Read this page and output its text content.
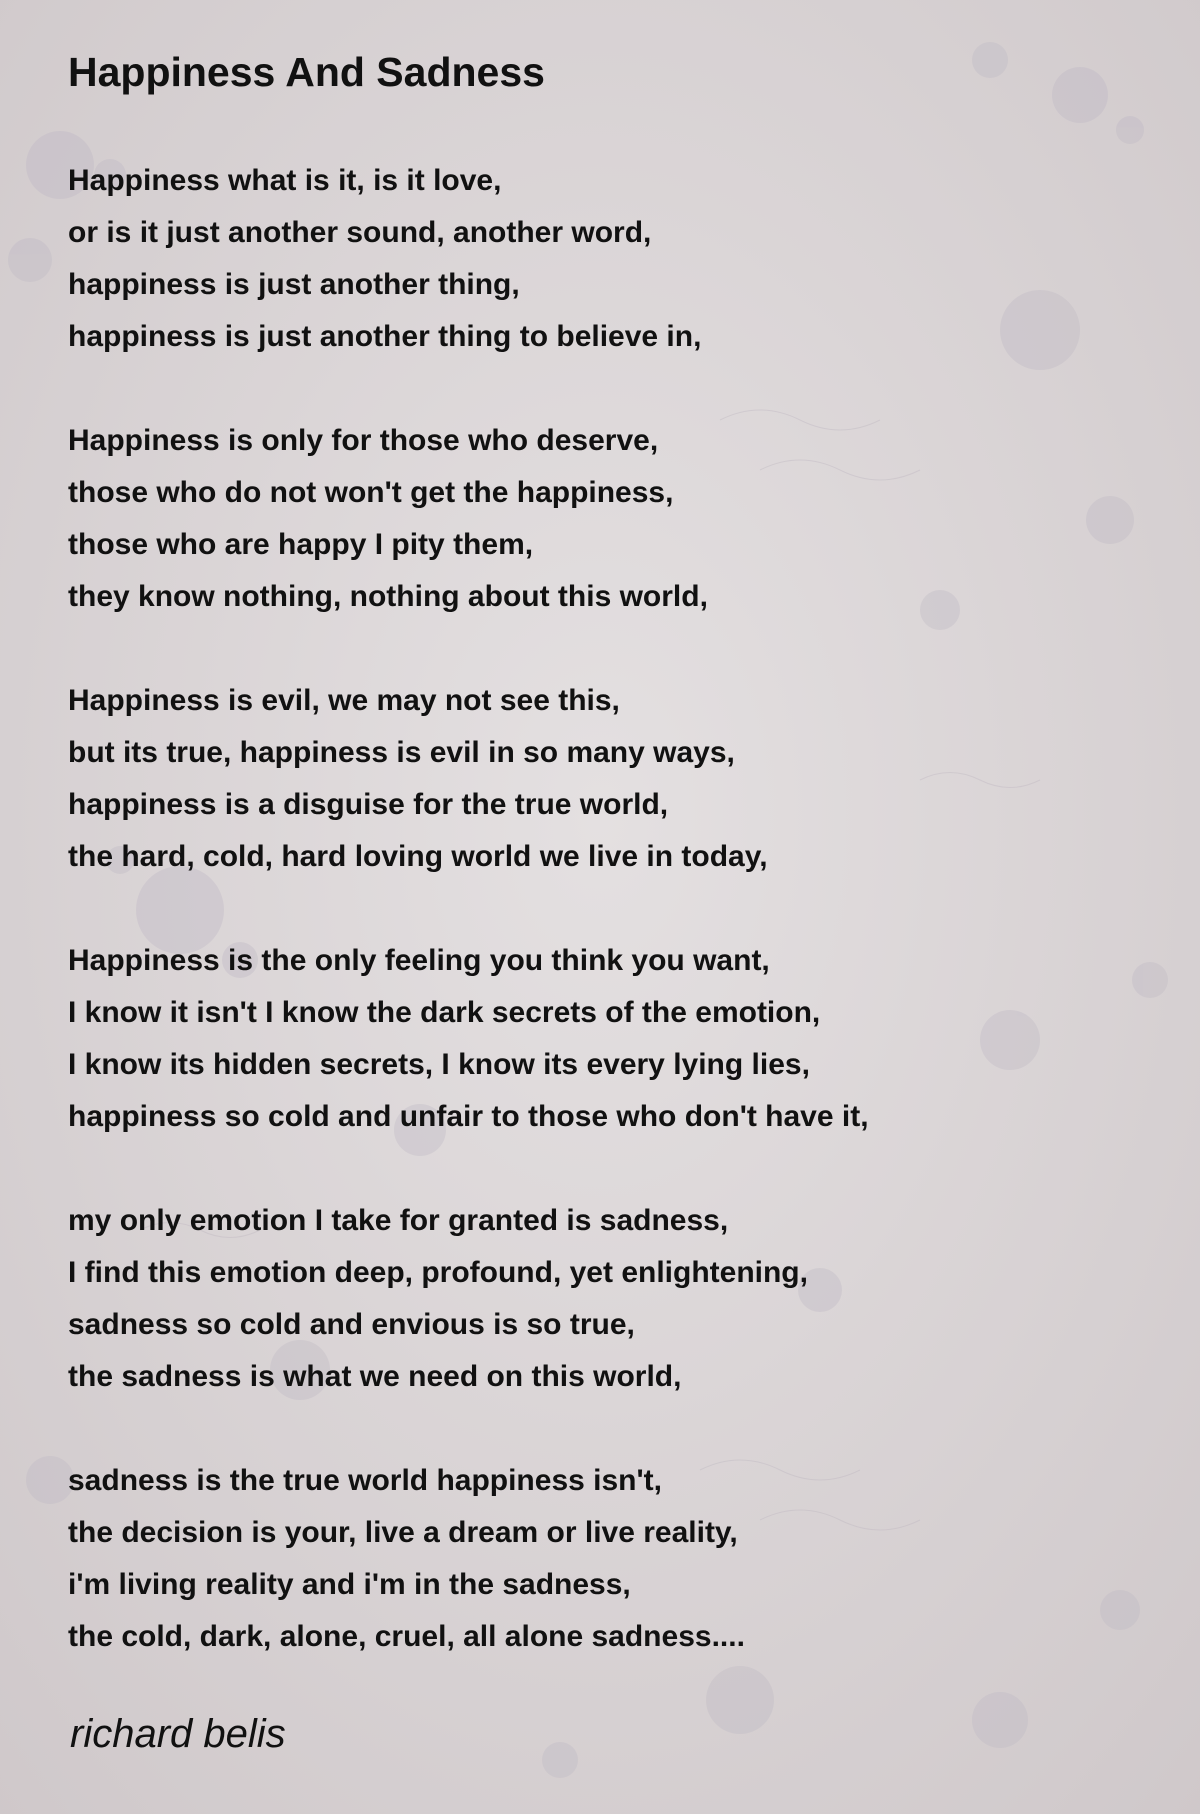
Happiness And Sadness
Happiness what is it, is it love,
or is it just another sound, another word,
happiness is just another thing,
happiness is just another thing to believe in,
Happiness is only for those who deserve,
those who do not won't get the happiness,
those who are happy I pity them,
they know nothing, nothing about this world,
Happiness is evil, we may not see this,
but its true, happiness is evil in so many ways,
happiness is a disguise for the true world,
the hard, cold, hard loving world we live in today,
Happiness is the only feeling you think you want,
I know it isn't I know the dark secrets of the emotion,
I know its hidden secrets, I know its every lying lies,
happiness so cold and unfair to those who don't have it,
my only emotion I take for granted is sadness,
I find this emotion deep, profound, yet enlightening,
sadness so cold and envious is so true,
the sadness is what we need on this world,
sadness is the true world happiness isn't,
the decision is your, live a dream or live reality,
i'm living reality and i'm in the sadness,
the cold, dark, alone, cruel, all alone sadness....
richard belis
